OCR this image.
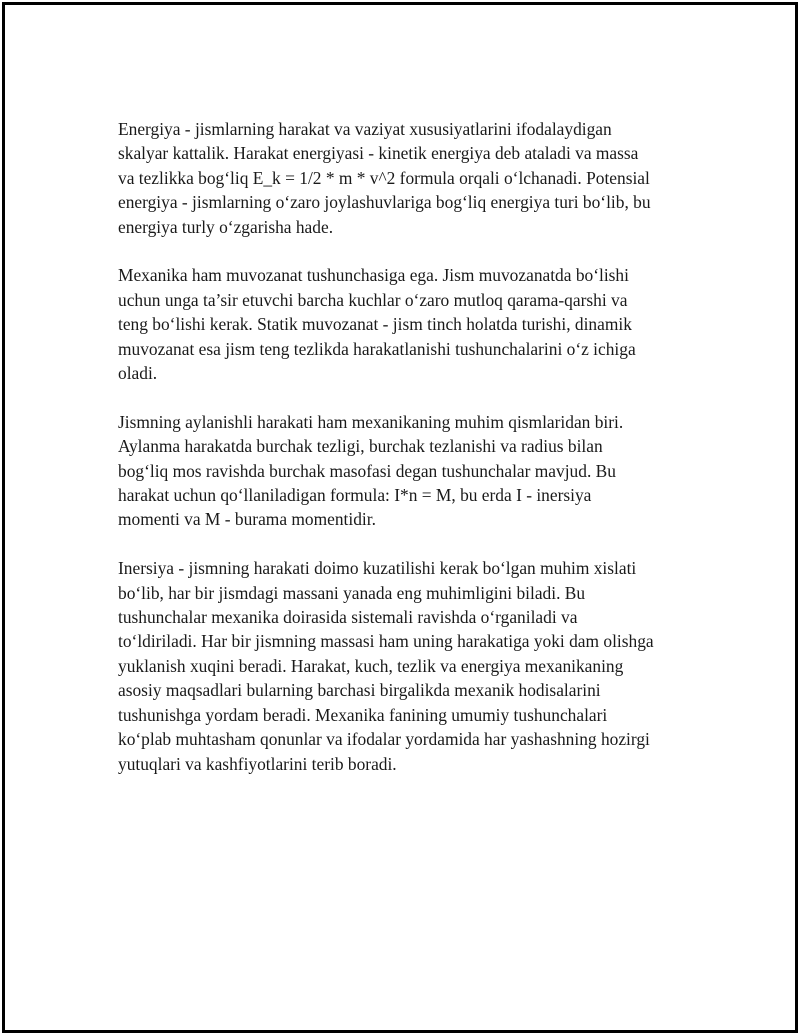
Energiya - jismlarning harakat va vaziyat xususiyatlarini ifodalaydigan
skalyar kattalik. Harakat energiyasi - kinetik energiya deb ataladi va massa
va tezlikka bog‘liq E_k = 1/2 * m * v^2 formula orqali o‘lchanadi. Potensial
energiya - jismlarning o‘zaro joylashuvlariga bog‘liq energiya turi bo‘lib, bu
energiya turly o‘zgarisha hade.

Mexanika ham muvozanat tushunchasiga ega. Jism muvozanatda bo‘lishi
uchun unga ta’sir etuvchi barcha kuchlar o‘zaro mutloq qarama-qarshi va
teng bo‘lishi kerak. Statik muvozanat - jism tinch holatda turishi, dinamik
muvozanat esa jism teng tezlikda harakatlanishi tushunchalarini o‘z ichiga
oladi.

Jismning aylanishli harakati ham mexanikaning muhim qismlaridan biri.
Aylanma harakatda burchak tezligi, burchak tezlanishi va radius bilan
bog‘liq mos ravishda burchak masofasi degan tushunchalar mavjud. Bu
harakat uchun qo‘llaniladigan formula: I*n = M, bu erda I - inersiya
momenti va M - burama momentidir.

Inersiya - jismning harakati doimo kuzatilishi kerak bo‘lgan muhim xislati
bo‘lib, har bir jismdagi massani yanada eng muhimligini biladi. Bu
tushunchalar mexanika doirasida sistemali ravishda o‘rganiladi va
to‘ldiriladi. Har bir jismning massasi ham uning harakatiga yoki dam olishga
yuklanish xuqini beradi. Harakat, kuch, tezlik va energiya mexanikaning
asosiy maqsadlari bularning barchasi birgalikda mexanik hodisalarini
tushunishga yordam beradi. Mexanika fanining umumiy tushunchalari
ko‘plab muhtasham qonunlar va ifodalar yordamida har yashashning hozirgi
yutuqlari va kashfiyotlarini terib boradi.
